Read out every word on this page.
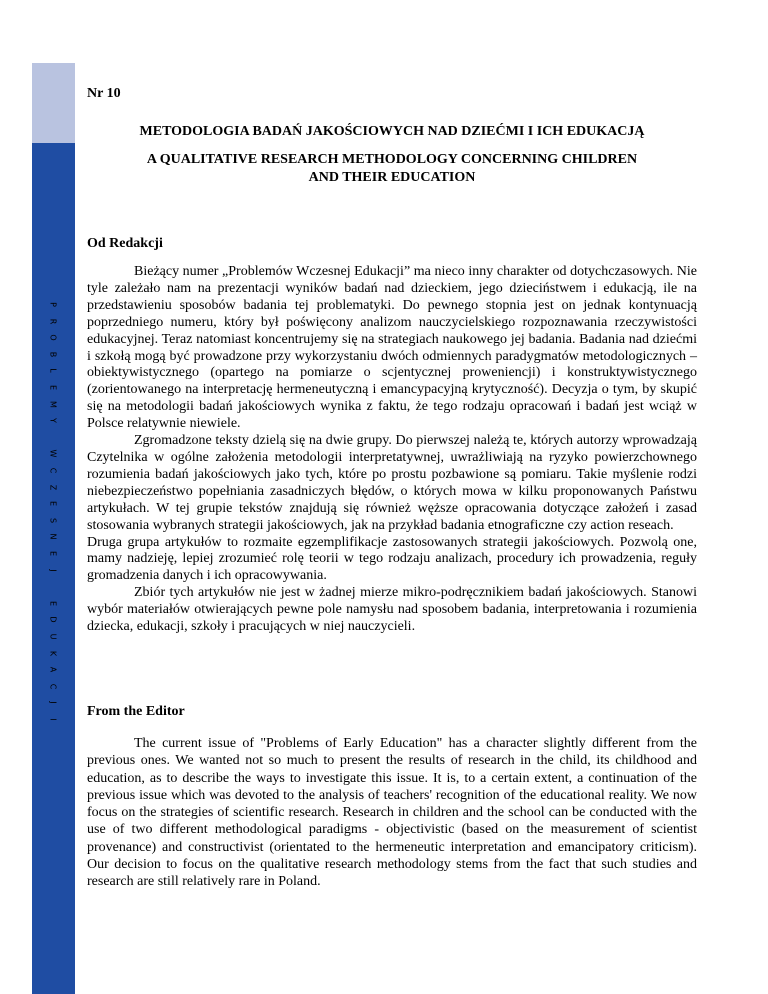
P
R
O
B
L
E
M
Y
W
C
Z
E
S
N
E
J
E
D
U
K
A
C
J
I
Nr 10
METODOLOGIA BADAŃ JAKOŚCIOWYCH NAD DZIEĆMI I ICH EDUKACJĄ
A QUALITATIVE RESEARCH METHODOLOGY CONCERNING CHILDREN
AND THEIR EDUCATION
Od Redakcji

Bieżący numer „Problemów Wczesnej Edukacji” ma nieco inny charakter od dotychczasowych. Nie tyle zależało nam na prezentacji wyników badań nad dzieckiem, jego dzieciństwem i edukacją, ile na przedstawieniu sposobów badania tej problematyki. Do pewnego stopnia jest on jednak kontynuacją poprzedniego numeru, który był poświęcony analizom nauczycielskiego rozpoznawania rzeczywistości edukacyjnej. Teraz natomiast koncentrujemy się na strategiach naukowego jej badania. Badania nad dziećmi i szkołą mogą być prowadzone przy wykorzystaniu dwóch odmiennych paradygmatów metodologicznych – obiektywistycznego (opartego na pomiarze o scjentycznej proweniencji) i konstruktywistycznego (zorientowanego na interpretację hermeneutyczną i emancypacyjną krytyczność). Decyzja o tym, by skupić się na metodologii badań jakościowych wynika z faktu, że tego rodzaju opracowań i badań jest wciąż w Polsce relatywnie niewiele.

Zgromadzone teksty dzielą się na dwie grupy. Do pierwszej należą te, których autorzy wprowadzają Czytelnika w ogólne założenia metodologii interpretatywnej, uwrażliwiają na ryzyko powierzchownego rozumienia badań jakościowych jako tych, które po prostu pozbawione są pomiaru. Takie myślenie rodzi niebezpieczeństwo popełniania zasadniczych błędów, o których mowa w kilku proponowanych Państwu artykułach. W tej grupie tekstów znajdują się również węższe opracowania dotyczące założeń i zasad stosowania wybranych strategii jakościowych, jak na przykład badania etnograficzne czy action reseach.

Druga grupa artykułów to rozmaite egzemplifikacje zastosowanych strategii jakościowych. Pozwolą one, mamy nadzieję, lepiej zrozumieć rolę teorii w tego rodzaju analizach, procedury ich prowadzenia, reguły gromadzenia danych i ich opracowywania.

Zbiór tych artykułów nie jest w żadnej mierze mikro-podręcznikiem badań jakościowych. Stanowi wybór materiałów otwierających pewne pole namysłu nad sposobem badania, interpretowania i rozumienia dziecka, edukacji, szkoły i pracujących w niej nauczycieli.

From the Editor

The current issue of "Problems of Early Education" has a character slightly different from the previous ones. We wanted not so much to present the results of research in the child, its childhood and education, as to describe the ways to investigate this issue. It is, to a certain extent, a continuation of the previous issue which was devoted to the analysis of teachers' recognition of the educational reality. We now focus on the strategies of scientific research. Research in children and the school can be conducted with the use of two different methodological paradigms - objectivistic (based on the measurement of scientist provenance) and constructivist (orientated to the hermeneutic interpretation and emancipatory criticism). Our decision to focus on the qualitative research methodology stems from the fact that such studies and research are still relatively rare in Poland.
